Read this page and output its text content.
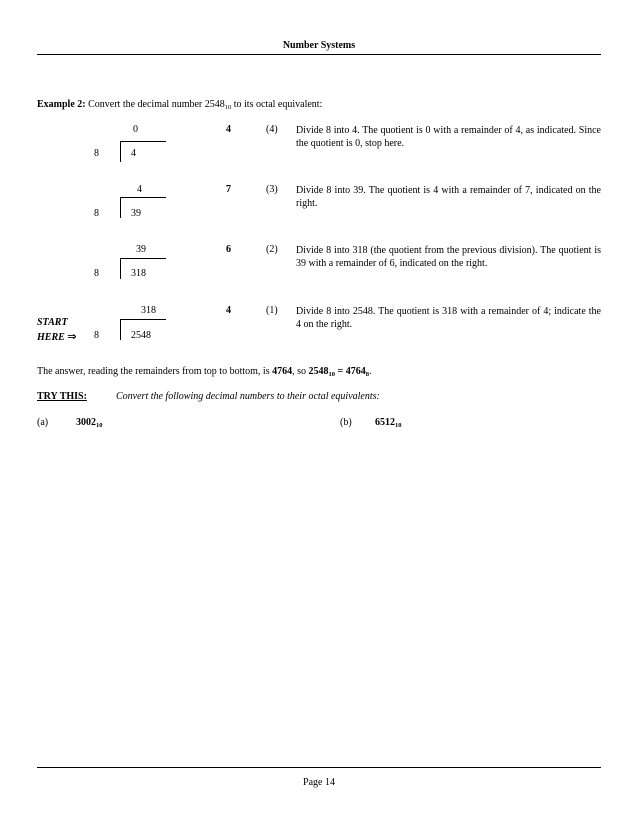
Number Systems
Example 2: Convert the decimal number $2548_{10}$ to its octal equivalent:
0
8	4
4	(4) Divide 8 into 4. The quotient is 0 with a remainder of 4, as indicated. Since the quotient is 0, stop here.
4
8	39
7	(3) Divide 8 into 39. The quotient is 4 with a remainder of 7, indicated on the right.
39
8	318
6	(2) Divide 8 into 318 (the quotient from the previous division). The quotient is 39 with a remainder of 6, indicated on the right.
318
8	2548
4	(1) Divide 8 into 2548. The quotient is 318 with a remainder of 4; indicate the 4 on the right.
START
HERE ⇒
The answer, reading the remainders from top to bottom, is 4764, so $2548_{10} = 4764_8$.
TRY THIS:	Convert the following decimal numbers to their octal equivalents:
(a)	$3002_{10}$	(b) $6512_{10}$
Page 14
